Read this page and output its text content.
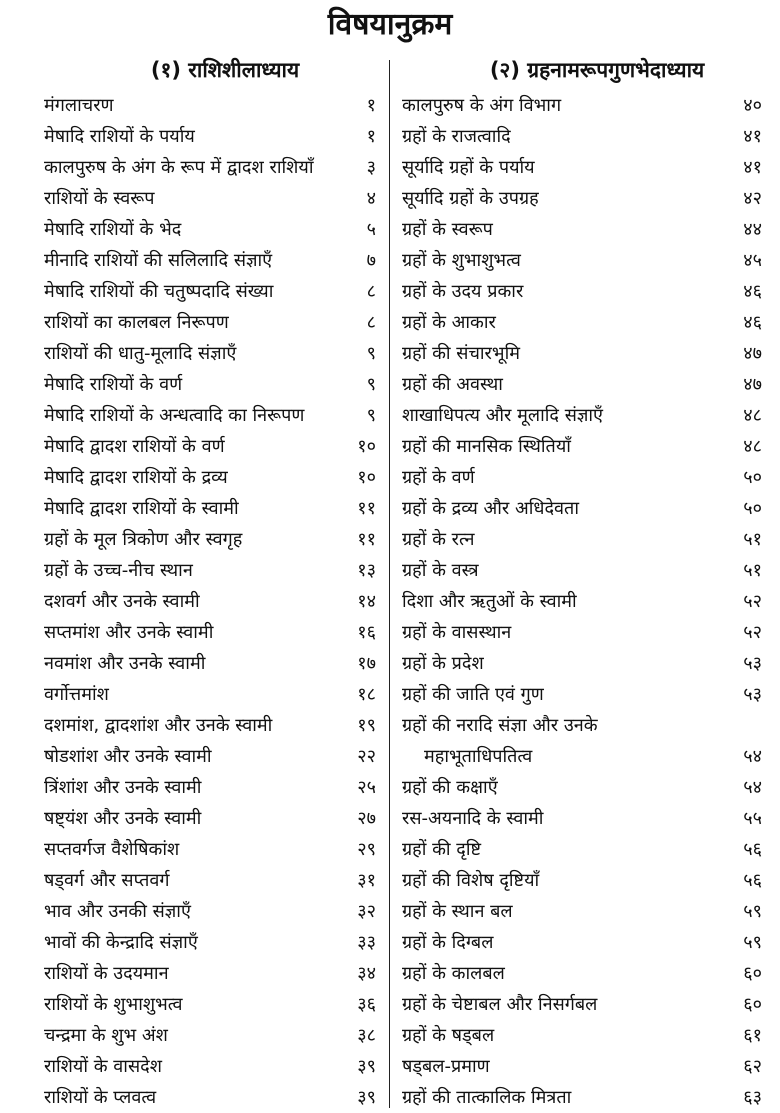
विषयानुक्रम
(१) राशिशीलाध्याय
मंगलाचरण	१
मेषादि राशियों के पर्याय	१
कालपुरुष के अंग के रूप में द्वादश राशियाँ	३
राशियों के स्वरूप	४
मेषादि राशियों के भेद	५
मीनादि राशियों की सलिलादि संज्ञाएँ	७
मेषादि राशियों की चतुष्पदादि संख्या	८
राशियों का कालबल निरूपण	८
राशियों की धातु-मूलादि संज्ञाएँ	९
मेषादि राशियों के वर्ण	९
मेषादि राशियों के अन्धत्वादि का निरूपण	९
मेषादि द्वादश राशियों के वर्ण	१०
मेषादि द्वादश राशियों के द्रव्य	१०
मेषादि द्वादश राशियों के स्वामी	११
ग्रहों के मूल त्रिकोण और स्वगृह	११
ग्रहों के उच्च-नीच स्थान	१३
दशवर्ग और उनके स्वामी	१४
सप्तमांश और उनके स्वामी	१६
नवमांश और उनके स्वामी	१७
वर्गोत्तमांश	१८
दशमांश, द्वादशांश और उनके स्वामी	१९
षोडशांश और उनके स्वामी	२२
त्रिंशांश और उनके स्वामी	२५
षष्ट्यंश और उनके स्वामी	२७
सप्तवर्गज वैशेषिकांश	२९
षड्वर्ग और सप्तवर्ग	३१
भाव और उनकी संज्ञाएँ	३२
भावों की केन्द्रादि संज्ञाएँ	३३
राशियों के उदयमान	३४
राशियों के शुभाशुभत्व	३६
चन्द्रमा के शुभ अंश	३८
राशियों के वासदेश	३९
राशियों के प्लवत्व	३९
(२) ग्रहनामरूपगुणभेदाध्याय
कालपुरुष के अंग विभाग	४०
ग्रहों के राजत्वादि	४१
सूर्यादि ग्रहों के पर्याय	४१
सूर्यादि ग्रहों के उपग्रह	४२
ग्रहों के स्वरूप	४४
ग्रहों के शुभाशुभत्व	४५
ग्रहों के उदय प्रकार	४६
ग्रहों के आकार	४६
ग्रहों की संचारभूमि	४७
ग्रहों की अवस्था	४७
शाखाधिपत्य और मूलादि संज्ञाएँ	४८
ग्रहों की मानसिक स्थितियाँ	४८
ग्रहों के वर्ण	५०
ग्रहों के द्रव्य और अधिदेवता	५०
ग्रहों के रत्न	५१
ग्रहों के वस्त्र	५१
दिशा और ऋतुओं के स्वामी	५२
ग्रहों के वासस्थान	५२
ग्रहों के प्रदेश	५३
ग्रहों की जाति एवं गुण	५३
ग्रहों की नरादि संज्ञा और उनके
महाभूताधिपतित्व	५४
ग्रहों की कक्षाएँ	५४
रस-अयनादि के स्वामी	५५
ग्रहों की दृष्टि	५६
ग्रहों की विशेष दृष्टियाँ	५६
ग्रहों के स्थान बल	५९
ग्रहों के दिग्बल	५९
ग्रहों के कालबल	६०
ग्रहों के चेष्टाबल और निसर्गबल	६०
ग्रहों के षड्बल	६१
षड्बल-प्रमाण	६२
ग्रहों की तात्कालिक मित्रता	६३
